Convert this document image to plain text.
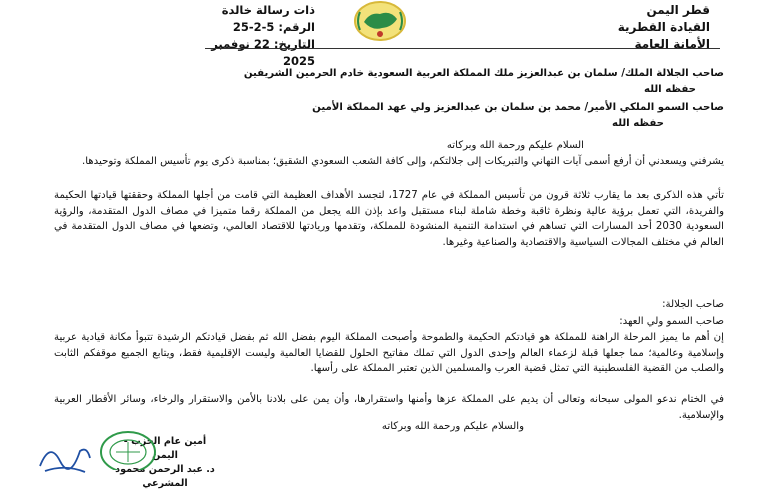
قطر اليمن
القيادة القطرية
الأمانة العامة
ذات رسالة خالدة
الرقم: 5-2-25
التاريخ: 22 نوفمبر 2025
صاحب الجلالة الملك/ سلمان بن عبدالعزيز ملك المملكة العربية السعودية خادم الحرمين الشريفين
حفظه الله
صاحب السمو الملكي الأمير/ محمد بن سلمان بن عبدالعزيز ولي عهد المملكة الأمين
حفظه الله
السلام عليكم ورحمة الله وبركاته
يشرفني ويسعدني أن أرفع أسمى آيات التهاني والتبريكات إلى جلالتكم، وإلى كافة الشعب السعودي الشقيق؛ بمناسبة ذكرى يوم تأسيس المملكة وتوحيدها.
تأتي هذه الذكرى بعد ما يقارب ثلاثة قرون من تأسيس المملكة في عام 1727، لتجسد الأهداف العظيمة التي قامت من أجلها المملكة وحققتها قيادتها الحكيمة والفريدة، التي تعمل برؤية عالية ونظرة ثاقبة وخطة شاملة لبناء مستقبل واعد بإذن الله يجعل من المملكة رقما متميزا في مصاف الدول المتقدمة، والرؤية السعودية 2030 أحد المسارات التي تساهم في استدامة التنمية المنشودة للمملكة، وتقدمها وريادتها للاقتصاد العالمي، وتضعها في مصاف الدول المتقدمة في العالم في مختلف المجالات السياسية والاقتصادية والصناعية وغيرها.
صاحب الجلالة:
صاحب السمو ولي العهد:
إن أهم ما يميز المرحلة الراهنة للمملكة هو قيادتكم الحكيمة والطموحة وأصبحت المملكة اليوم بفضل الله ثم بفضل قيادتكم الرشيدة تتبوأ مكانة قيادية عربية وإسلامية وعالمية؛ مما جعلها قبلة لزعماء العالم وإحدى الدول التي تملك مفاتيح الحلول للقضايا العالمية وليست الإقليمية فقط، ويتابع الجميع موقفكم الثابت والصلب من القضية الفلسطينية التي تمثل قضية العرب والمسلمين الذين تعتبر المملكة على رأسها.
في الختام ندعو المولى سبحانه وتعالى أن يديم على المملكة عزها وأمنها واستقرارها، وأن يمن على بلادنا بالأمن والاستقرار والرخاء، وسائر الأقطار العربية والإسلامية.
والسلام عليكم ورحمة الله وبركاته
أمين عام الحزب - اليمن
د. عبد الرحمن محمود المشرعي
